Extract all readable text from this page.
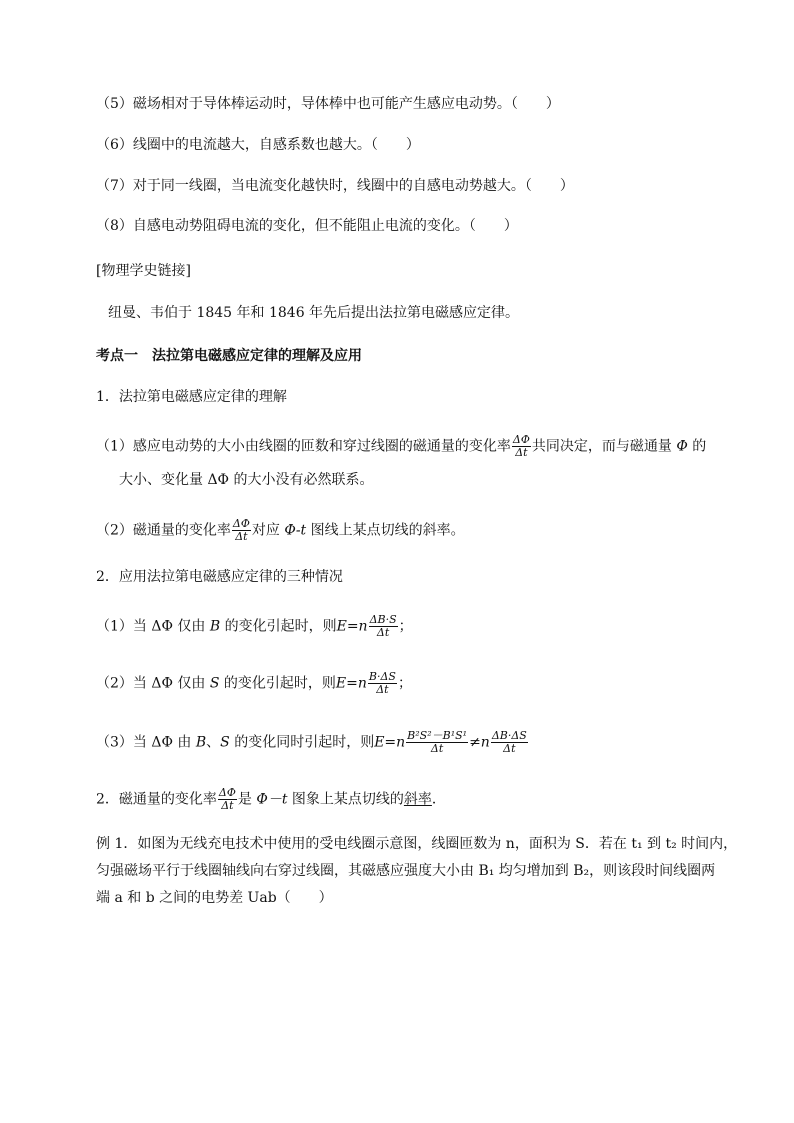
（5）磁场相对于导体棒运动时，导体棒中也可能产生感应电动势。（　　）
（6）线圈中的电流越大，自感系数也越大。（　　）
（7）对于同一线圈，当电流变化越快时，线圈中的自感电动势越大。（　　）
（8）自感电动势阻碍电流的变化，但不能阻止电流的变化。（　　）
[物理学史链接]
纽曼、韦伯于 1845 年和 1846 年先后提出法拉第电磁感应定律。
考点一　法拉第电磁感应定律的理解及应用
1．法拉第电磁感应定律的理解
（1）感应电动势的大小由线圈的匝数和穿过线圈的磁通量的变化率 $\frac{\Delta\Phi}{\Delta t}$ 共同决定，而与磁通量 Φ 的
大小、变化量 ΔΦ 的大小没有必然联系。
（2）磁通量的变化率 $\frac{\Delta\Phi}{\Delta t}$ 对应 Φ-t 图线上某点切线的斜率。
2．应用法拉第电磁感应定律的三种情况
（1）当 ΔΦ 仅由 B 的变化引起时，则$E=n \frac{\Delta B\cdot S}{\Delta t}$ ；
（2）当 ΔΦ 仅由 S 的变化引起时，则$E=n \frac{B\cdot\Delta S}{\Delta t}$ ；
（3）当 ΔΦ 由 B、S 的变化同时引起时，则$E=n \frac{\text{B²S²－B¹S¹}}{\Delta t} \ne n \frac{\Delta B\cdot\Delta S}{\Delta t}$
2．磁通量的变化率 $\frac{\Delta\Phi}{\Delta t}$ 是 Φ－t 图象上某点切线的斜率．
例 1．如图为无线充电技术中使用的受电线圈示意图，线圈匝数为 n，面积为 S．若在 t₁ 到 t₂ 时间内，
匀强磁场平行于线圈轴线向右穿过线圈，其磁感应强度大小由 B₁ 均匀增加到 B₂，则该段时间线圈两
端 a 和 b 之间的电势差 Uab（　　）
